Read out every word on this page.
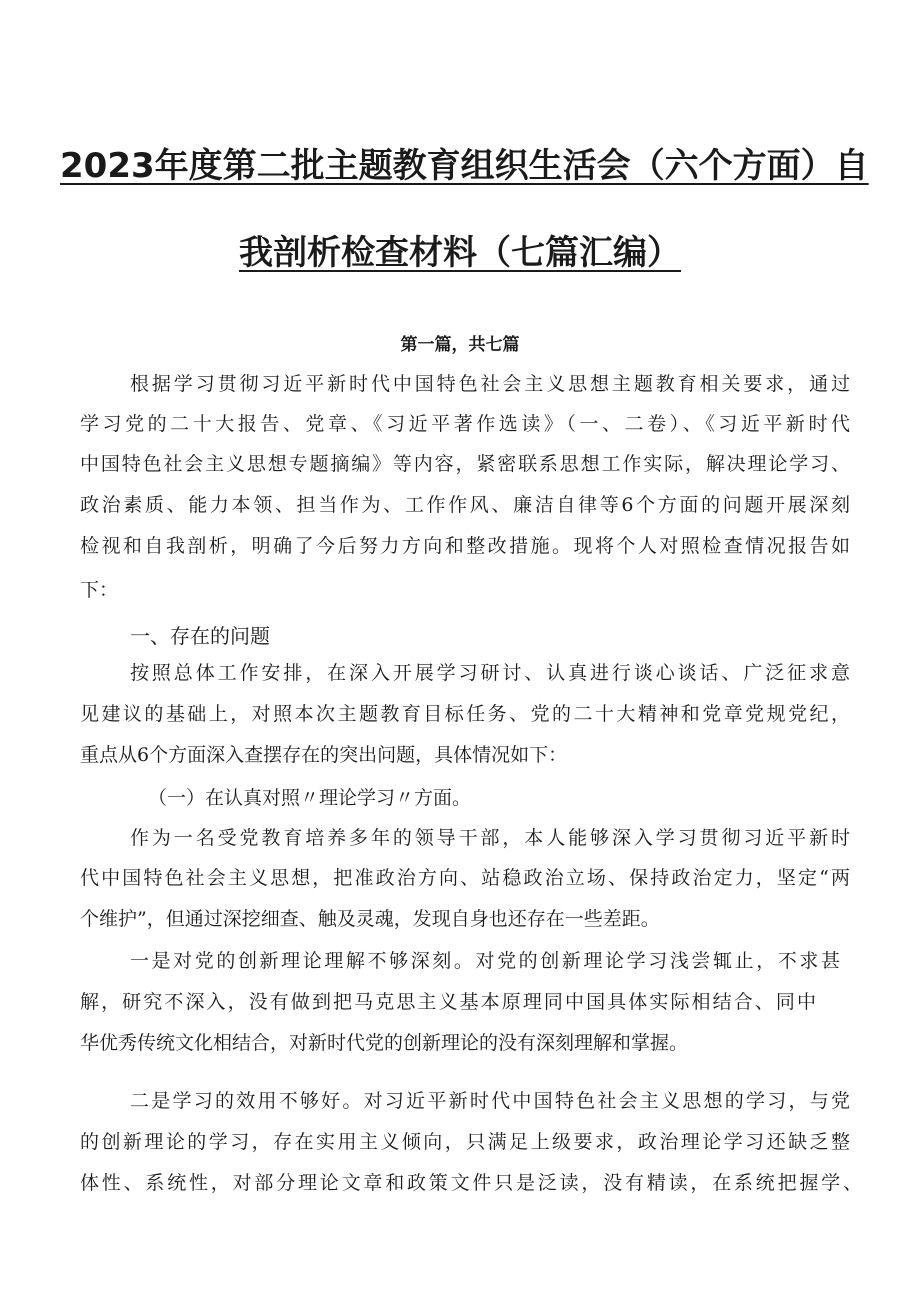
2023年度第二批主题教育组织生活会（六个方面）自
我剖析检查材料（七篇汇编）
第一篇，共七篇
根据学习贯彻习近平新时代中国特色社会主义思想主题教育相关要求，通过
学习党的二十大报告、党章、《习近平著作选读》（一、二卷）、《习近平新时代
中国特色社会主义思想专题摘编》等内容，紧密联系思想工作实际，解决理论学习、
政治素质、能力本领、担当作为、工作作风、廉洁自律等6个方面的问题开展深刻
检视和自我剖析，明确了今后努力方向和整改措施。现将个人对照检查情况报告如
下：
一、存在的问题
按照总体工作安排，在深入开展学习研讨、认真进行谈心谈话、广泛征求意
见建议的基础上，对照本次主题教育目标任务、党的二十大精神和党章党规党纪，
重点从6个方面深入查摆存在的突出问题，具体情况如下：
（一）在认真对照〃理论学习〃方面。
作为一名受党教育培养多年的领导干部，本人能够深入学习贯彻习近平新时
代中国特色社会主义思想，把准政治方向、站稳政治立场、保持政治定力，坚定“两
个维护”，但通过深挖细查、触及灵魂，发现自身也还存在一些差距。
一是对党的创新理论理解不够深刻。对党的创新理论学习浅尝辄止，不求甚
解，研究不深入，没有做到把马克思主义基本原理同中国具体实际相结合、同中
华优秀传统文化相结合，对新时代党的创新理论的没有深刻理解和掌握。
二是学习的效用不够好。对习近平新时代中国特色社会主义思想的学习，与党
的创新理论的学习，存在实用主义倾向，只满足上级要求，政治理论学习还缺乏整
体性、系统性，对部分理论文章和政策文件只是泛读，没有精读，在系统把握学、
